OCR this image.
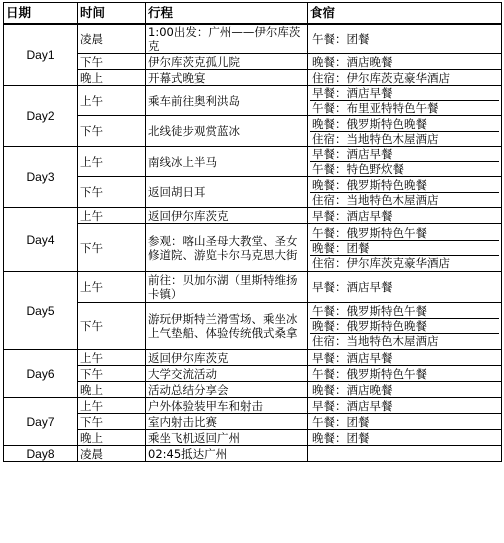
日期	时间	行程	食宿
Day1	凌晨	1:00出发：广州——伊尔库茨克	午餐：团餐

	下午	伊尔库茨克孤儿院	晚餐：酒店晚餐

	晚上	开幕式晚宴	住宿：伊尔库茨克豪华酒店

Day2	上午	乘车前往奥利洪岛	早餐：酒店早餐
午餐：布里亚特特色午餐

	下午	北线徒步观赏蓝冰	晚餐：俄罗斯特色晚餐
住宿：当地特色木屋酒店

Day3	上午	南线冰上半马	早餐：酒店早餐
午餐：特色野炊餐

	下午	返回胡日耳	晚餐：俄罗斯特色晚餐
住宿：当地特色木屋酒店

Day4	上午	返回伊尔库茨克	早餐：酒店早餐

	下午	参观：喀山圣母大教堂、圣女修道院、游览卡尔马克思大街	午餐：俄罗斯特色午餐
晚餐：团餐
住宿：伊尔库茨克豪华酒店

Day5	上午	前往：贝加尔湖（里斯特维扬卡镇）	早餐：酒店早餐

	下午	游玩伊斯特兰滑雪场、乘坐冰上气垫船、体验传统俄式桑拿	午餐：俄罗斯特色午餐
晚餐：俄罗斯特色晚餐
住宿：当地特色木屋酒店

Day6	上午	返回伊尔库茨克	早餐：酒店早餐

	下午	大学交流活动	午餐：俄罗斯特色午餐

	晚上	活动总结分享会	晚餐：酒店晚餐

Day7	上午	户外体验装甲车和射击	早餐：酒店早餐

	下午	室内射击比赛	午餐：团餐

	晚上	乘坐飞机返回广州	晚餐：团餐

Day8	凌晨	02:45抵达广州	
